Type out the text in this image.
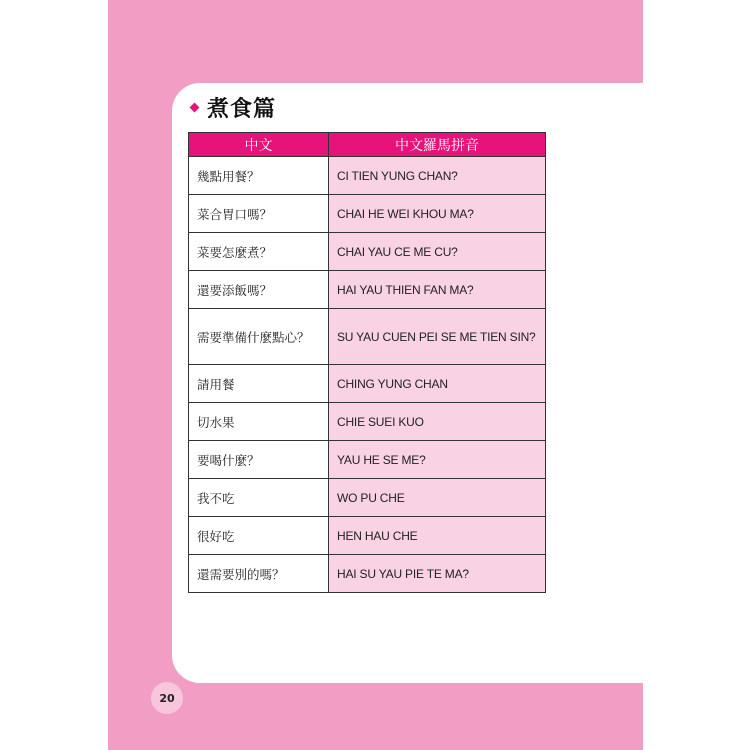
煮食篇
中文	中文羅馬拼音
幾點用餐？	CI TIEN YUNG CHAN?
菜合胃口嗎？	CHAI HE WEI KHOU MA?
菜要怎麼煮？	CHAI YAU CE ME CU?
還要添飯嗎？	HAI YAU THIEN FAN MA?
需要準備什麼點心？	SU YAU CUEN PEI SE ME TIEN SIN?
請用餐	CHING YUNG CHAN
切水果	CHIE SUEI KUO
要喝什麼？	YAU HE SE ME?
我不吃	WO PU CHE
很好吃	HEN HAU CHE
還需要別的嗎？	HAI SU YAU PIE TE MA?
20
